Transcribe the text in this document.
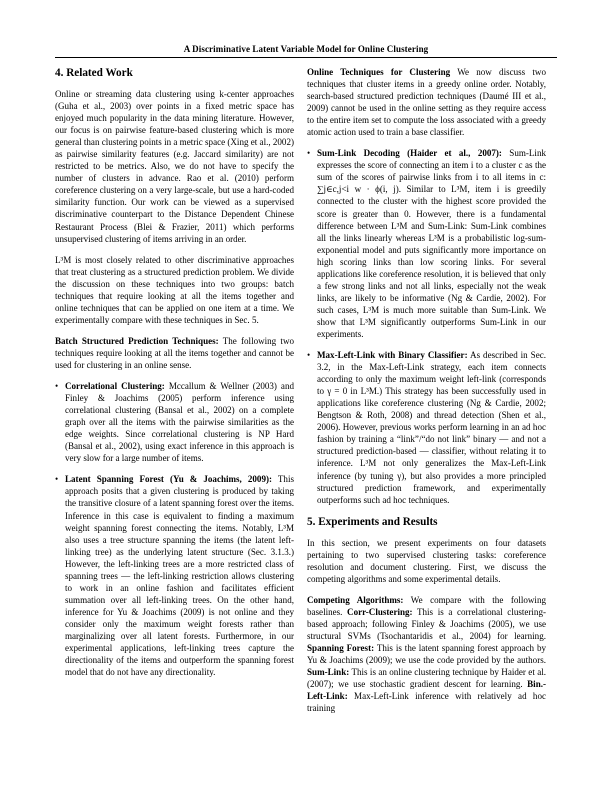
A Discriminative Latent Variable Model for Online Clustering
4. Related Work

Online or streaming data clustering using k-center approaches (Guha et al., 2003) over points in a fixed metric space has enjoyed much popularity in the data mining literature. However, our focus is on pairwise feature-based clustering which is more general than clustering points in a metric space (Xing et al., 2002) as pairwise similarity features (e.g. Jaccard similarity) are not restricted to be metrics. Also, we do not have to specify the number of clusters in advance. Rao et al. (2010) perform coreference clustering on a very large-scale, but use a hard-coded similarity function. Our work can be viewed as a supervised discriminative counterpart to the Distance Dependent Chinese Restaurant Process (Blei & Frazier, 2011) which performs unsupervised clustering of items arriving in an order.

L³M is most closely related to other discriminative approaches that treat clustering as a structured prediction problem. We divide the discussion on these techniques into two groups: batch techniques that require looking at all the items together and online techniques that can be applied on one item at a time. We experimentally compare with these techniques in Sec. 5.

Batch Structured Prediction Techniques: The following two techniques require looking at all the items together and cannot be used for clustering in an online sense.

• Correlational Clustering: Mccallum & Wellner (2003) and Finley & Joachims (2005) perform inference using correlational clustering (Bansal et al., 2002) on a complete graph over all the items with the pairwise similarities as the edge weights. Since correlational clustering is NP Hard (Bansal et al., 2002), using exact inference in this approach is very slow for a large number of items.
• Latent Spanning Forest (Yu & Joachims, 2009): This approach posits that a given clustering is produced by taking the transitive closure of a latent spanning forest over the items. Inference in this case is equivalent to finding a maximum weight spanning forest connecting the items. Notably, L³M also uses a tree structure spanning the items (the latent left-linking tree) as the underlying latent structure (Sec. 3.1.3.) However, the left-linking trees are a more restricted class of spanning trees — the left-linking restriction allows clustering to work in an online fashion and facilitates efficient summation over all left-linking trees. On the other hand, inference for Yu & Joachims (2009) is not online and they consider only the maximum weight forests rather than marginalizing over all latent forests. Furthermore, in our experimental applications, left-linking trees capture the directionality of the items and outperform the spanning forest model that do not have any directionality.

Online Techniques for Clustering We now discuss two techniques that cluster items in a greedy online order. Notably, search-based structured prediction techniques (Daumé III et al., 2009) cannot be used in the online setting as they require access to the entire item set to compute the loss associated with a greedy atomic action used to train a base classifier.

• Sum-Link Decoding (Haider et al., 2007): Sum-Link expresses the score of connecting an item i to a cluster c as the sum of the scores of pairwise links from i to all items in c: ∑j∈c,j<i w · ϕ(i, j). Similar to L³M, item i is greedily connected to the cluster with the highest score provided the score is greater than 0. However, there is a fundamental difference between L³M and Sum-Link: Sum-Link combines all the links linearly whereas L³M is a probabilistic log-sum-exponential model and puts significantly more importance on high scoring links than low scoring links. For several applications like coreference resolution, it is believed that only a few strong links and not all links, especially not the weak links, are likely to be informative (Ng & Cardie, 2002). For such cases, L³M is much more suitable than Sum-Link. We show that L³M significantly outperforms Sum-Link in our experiments.
• Max-Left-Link with Binary Classifier: As described in Sec. 3.2, in the Max-Left-Link strategy, each item connects according to only the maximum weight left-link (corresponds to γ = 0 in L³M.) This strategy has been successfully used in applications like coreference clustering (Ng & Cardie, 2002; Bengtson & Roth, 2008) and thread detection (Shen et al., 2006). However, previous works perform learning in an ad hoc fashion by training a “link”/“do not link” binary — and not a structured prediction-based — classifier, without relating it to inference. L³M not only generalizes the Max-Left-Link inference (by tuning γ), but also provides a more principled structured prediction framework, and experimentally outperforms such ad hoc techniques.
5. Experiments and Results

In this section, we present experiments on four datasets pertaining to two supervised clustering tasks: coreference resolution and document clustering. First, we discuss the competing algorithms and some experimental details.

Competing Algorithms: We compare with the following baselines. Corr-Clustering: This is a correlational clustering-based approach; following Finley & Joachims (2005), we use structural SVMs (Tsochantaridis et al., 2004) for learning. Spanning Forest: This is the latent spanning forest approach by Yu & Joachims (2009); we use the code provided by the authors. Sum-Link: This is an online clustering technique by Haider et al. (2007); we use stochastic gradient descent for learning. Bin.-Left-Link: Max-Left-Link inference with relatively ad hoc training
